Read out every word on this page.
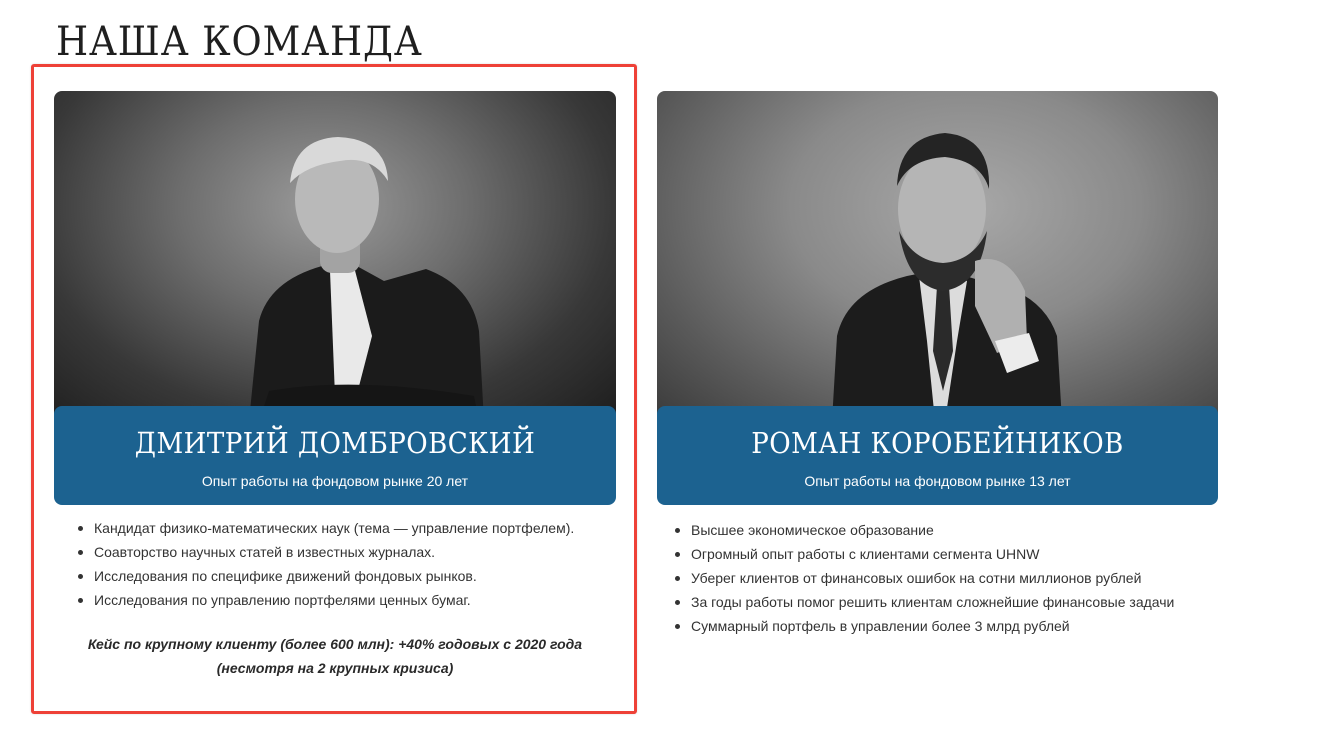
НАША КОМАНДА
ДМИТРИЙ ДОМБРОВСКИЙ
Опыт работы на фондовом рынке 20 лет
Кандидат физико-математических наук (тема — управление портфелем).
Соавторство научных статей в известных журналах.
Исследования по специфике движений фондовых рынков.
Исследования по управлению портфелями ценных бумаг.

Кейс по крупному клиенту (более 600 млн): +40% годовых с 2020 года
(несмотря на 2 крупных кризиса)

РОМАН КОРОБЕЙНИКОВ
Опыт работы на фондовом рынке 13 лет
Высшее экономическое образование
Огромный опыт работы с клиентами сегмента UHNW
Уберег клиентов от финансовых ошибок на сотни миллионов рублей
За годы работы помог решить клиентам сложнейшие финансовые задачи
Суммарный портфель в управлении более 3 млрд рублей
